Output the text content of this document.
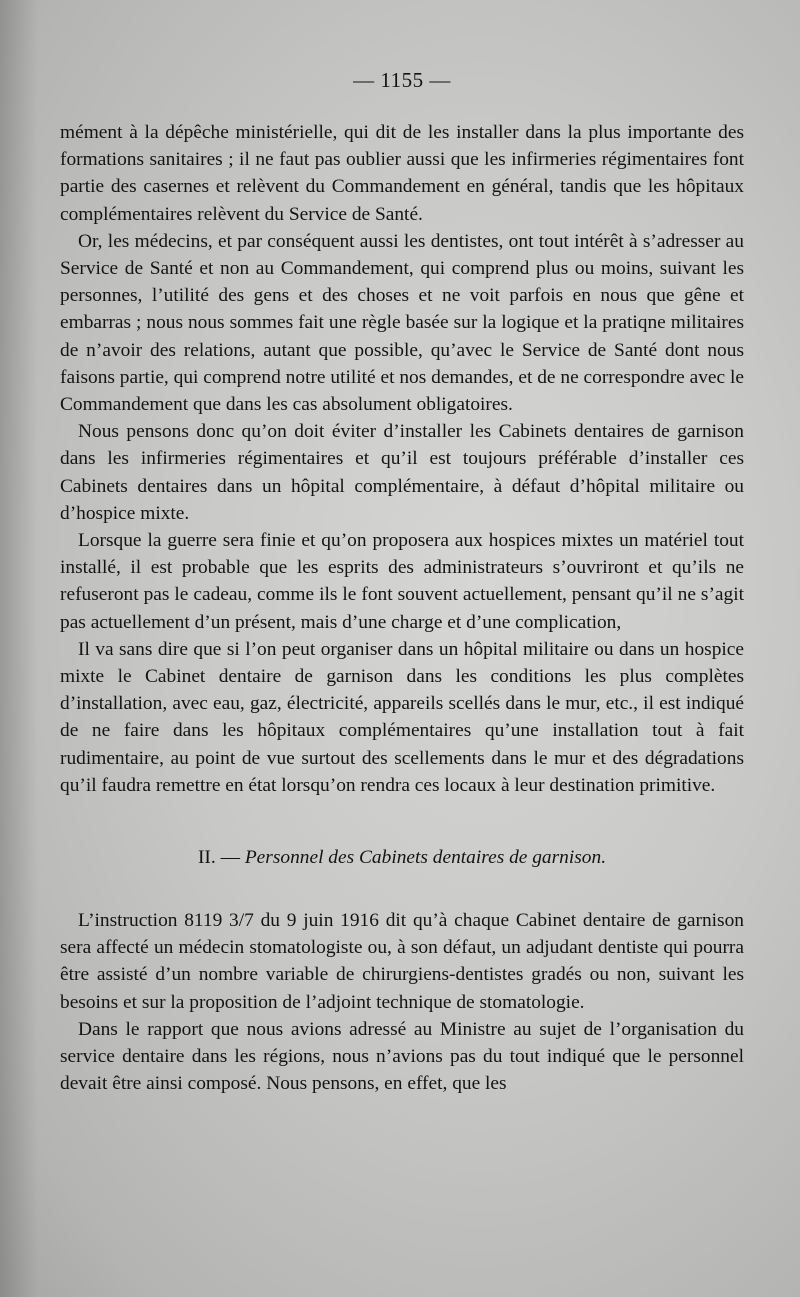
— 1155 —

mément à la dépêche ministérielle, qui dit de les installer dans la plus importante des formations sanitaires ; il ne faut pas oublier aussi que les infirmeries régimentaires font partie des casernes et relèvent du Commandement en général, tandis que les hôpitaux complémentaires relèvent du Service de Santé.

Or, les médecins, et par conséquent aussi les dentistes, ont tout intérêt à s’adresser au Service de Santé et non au Commandement, qui comprend plus ou moins, suivant les personnes, l’utilité des gens et des choses et ne voit parfois en nous que gêne et embarras ; nous nous sommes fait une règle basée sur la logique et la pratiqne militaires de n’avoir des relations, autant que possible, qu’avec le Service de Santé dont nous faisons partie, qui comprend notre utilité et nos demandes, et de ne correspondre avec le Commandement que dans les cas absolument obligatoires.

Nous pensons donc qu’on doit éviter d’installer les Cabinets dentaires de garnison dans les infirmeries régimentaires et qu’il est toujours préférable d’installer ces Cabinets dentaires dans un hôpital complémentaire, à défaut d’hôpital militaire ou d’hospice mixte.

Lorsque la guerre sera finie et qu’on proposera aux hospices mixtes un matériel tout installé, il est probable que les esprits des administrateurs s’ouvriront et qu’ils ne refuseront pas le cadeau, comme ils le font souvent actuellement, pensant qu’il ne s’agit pas actuellement d’un présent, mais d’une charge et d’une complication,

Il va sans dire que si l’on peut organiser dans un hôpital militaire ou dans un hospice mixte le Cabinet dentaire de garnison dans les conditions les plus complètes d’installation, avec eau, gaz, électricité, appareils scellés dans le mur, etc., il est indiqué de ne faire dans les hôpitaux complémentaires qu’une installation tout à fait rudimentaire, au point de vue surtout des scellements dans le mur et des dégradations qu’il faudra remettre en état lorsqu’on rendra ces locaux à leur destination primitive.

II. — Personnel des Cabinets dentaires de garnison.

L’instruction 8119 3/7 du 9 juin 1916 dit qu’à chaque Cabinet dentaire de garnison sera affecté un médecin stomatologiste ou, à son défaut, un adjudant dentiste qui pourra être assisté d’un nombre variable de chirurgiens-dentistes gradés ou non, suivant les besoins et sur la proposition de l’adjoint technique de stomatologie.

Dans le rapport que nous avions adressé au Ministre au sujet de l’organisation du service dentaire dans les régions, nous n’avions pas du tout indiqué que le personnel devait être ainsi composé. Nous pensons, en effet, que les
